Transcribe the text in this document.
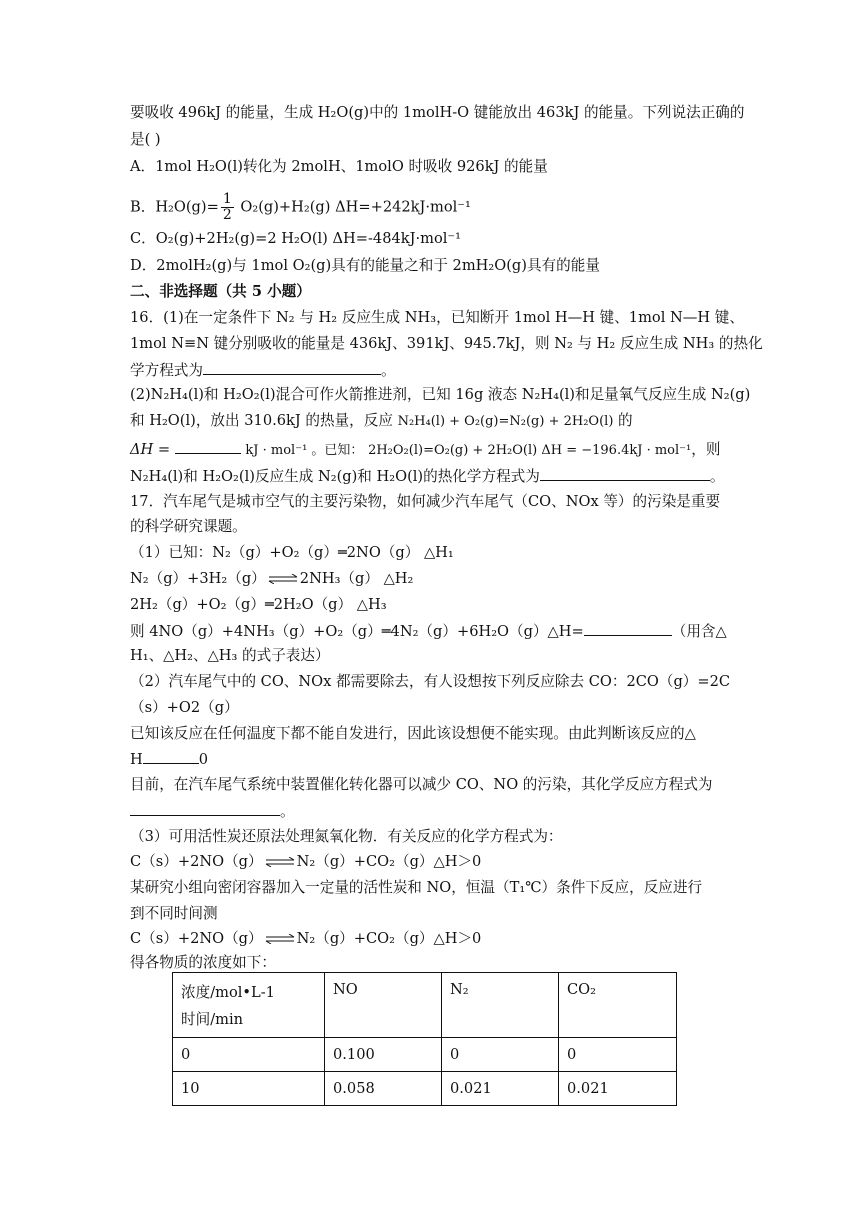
要吸收 496kJ 的能量，生成 H₂O(g)中的 1molH-O 键能放出 463kJ 的能量。下列说法正确的
是( )
A．1mol H₂O(l)转化为 2molH、1molO 时吸收 926kJ 的能量
B．$H_2O(g)= \frac{1}{2} O_2(g)+H_2(g)$ ΔH=+242kJ·mol⁻¹
C．O₂(g)+2H₂(g)=2 H₂O(l) ΔH=-484kJ·mol⁻¹
D．2molH₂(g)与 1mol O₂(g)具有的能量之和于 2mH₂O(g)具有的能量
二、非选择题（共 5 小题）
16．(1)在一定条件下 N₂ 与 H₂ 反应生成 NH₃，已知断开 1mol H—H 键、1mol N—H 键、
1mol N≡N 键分别吸收的能量是 436kJ、391kJ、945.7kJ，则 N₂ 与 H₂ 反应生成 NH₃ 的热化
学方程式为	。
(2)N₂H₄(l)和 H₂O₂(l)混合可作火箭推进剂，已知 16g 液态 N₂H₄(l)和足量氧气反应生成 N₂(g)
和 H₂O(l)，放出 310.6kJ 的热量，反应 N₂H₄(l) + O₂(g)=N₂(g) + 2H₂O(l) 的
ΔH =	kJ · mol⁻¹ 。已知： 2H₂O₂(l)=O₂(g) + 2H₂O(l) ΔH = −196.4kJ · mol⁻¹，则
N₂H₄(l)和 H₂O₂(l)反应生成 N₂(g)和 H₂O(l)的热化学方程式为	。
17．汽车尾气是城市空气的主要污染物，如何减少汽车尾气（CO、NOx 等）的污染是重要
的科学研究课题。
（1）已知：N₂（g）+O₂（g）═2NO（g） △H₁
N₂（g）+3H₂（g） ⇌ 2NH₃（g） △H₂
2H₂（g）+O₂（g）═2H₂O（g） △H₃
则 4NO（g）+4NH₃（g）+O₂（g）═4N₂（g）+6H₂O（g）△H=	（用含△
H₁、△H₂、△H₃ 的式子表达）
（2）汽车尾气中的 CO、NOx 都需要除去，有人设想按下列反应除去 CO：2CO（g）=2C
（s）+O2（g）
已知该反应在任何温度下都不能自发进行，因此该设想便不能实现。由此判断该反应的△
H	0
目前，在汽车尾气系统中装置催化转化器可以减少 CO、NO 的污染，其化学反应方程式为
。
（3）可用活性炭还原法处理氮氧化物．有关反应的化学方程式为：
C（s）+2NO（g） ⇌ N₂（g）+CO₂（g）△H＞0
某研究小组向密闭容器加入一定量的活性炭和 NO，恒温（T₁℃）条件下反应，反应进行
到不同时间测
C（s）+2NO（g） ⇌ N₂（g）+CO₂（g）△H＞0
得各物质的浓度如下：
浓度/mol•L-1
时间/min	NO	N₂	CO₂
0	0.100	0	0
10	0.058	0.021	0.021
